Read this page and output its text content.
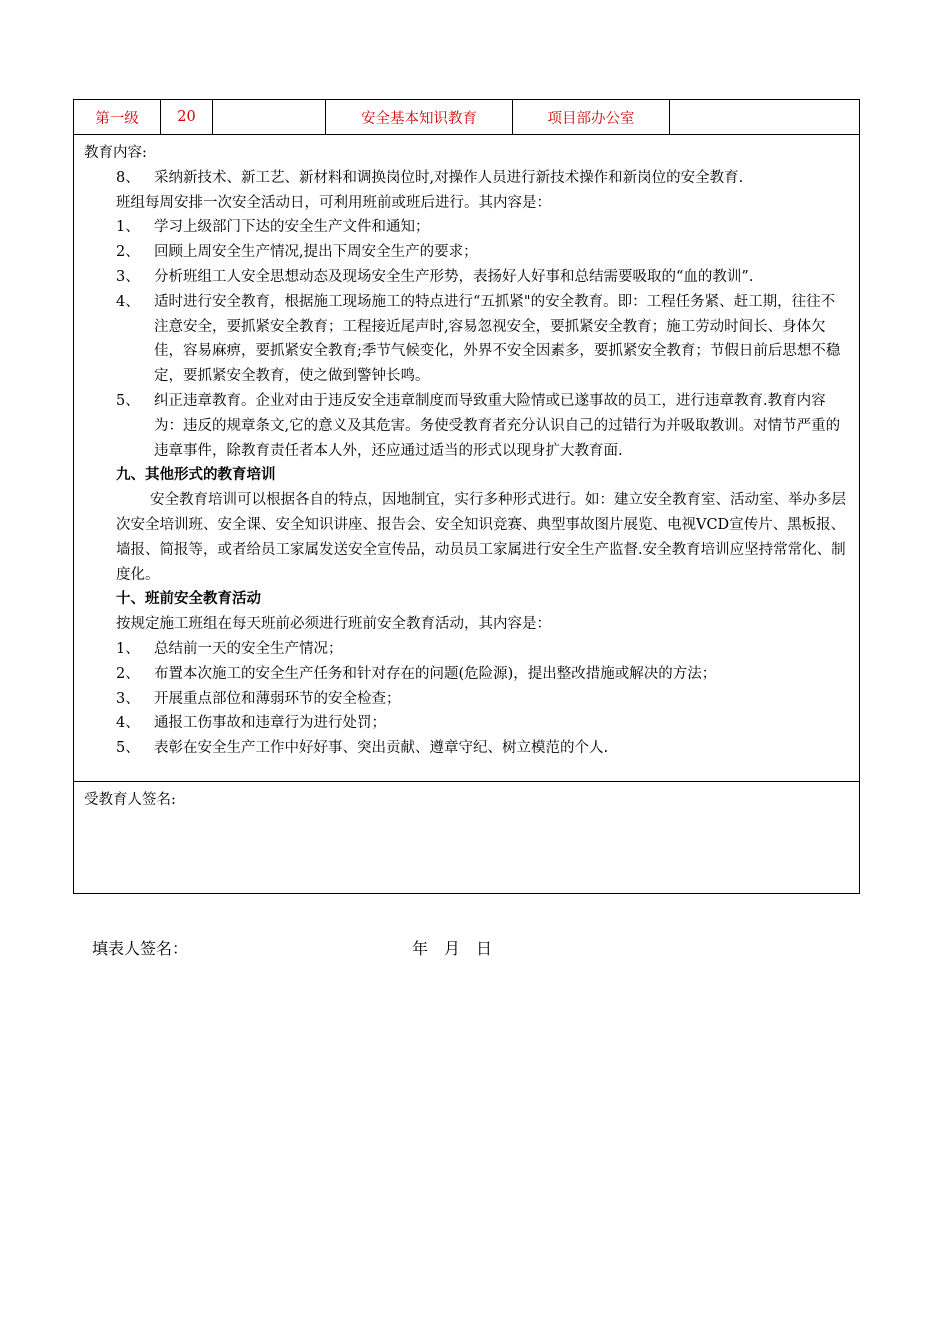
第一级	20		安全基本知识教育	项目部办公室	

教育内容:
8、 采纳新技术、新工艺、新材料和调换岗位时,对操作人员进行新技术操作和新岗位的安全教育.
班组每周安排一次安全活动日，可利用班前或班后进行。其内容是：
1、 学习上级部门下达的安全生产文件和通知；
2、 回顾上周安全生产情况,提出下周安全生产的要求；
3、 分析班组工人安全思想动态及现场安全生产形势，表扬好人好事和总结需要吸取的“血的教训”.
4、 适时进行安全教育，根据施工现场施工的特点进行“五抓紧"的安全教育。即：工程任务紧、赶工期，往往不注意安全，要抓紧安全教育；工程接近尾声时,容易忽视安全，要抓紧安全教育；施工劳动时间长、身体欠佳，容易麻痹，要抓紧安全教育;季节气候变化，外界不安全因素多，要抓紧安全教育；节假日前后思想不稳定，要抓紧安全教育，使之做到警钟长鸣。
5、 纠正违章教育。企业对由于违反安全违章制度而导致重大险情或已遂事故的员工，进行违章教育.教育内容为：违反的规章条文,它的意义及其危害。务使受教育者充分认识自己的过错行为并吸取教训。对情节严重的违章事件，除教育责任者本人外，还应通过适当的形式以现身扩大教育面.
九、其他形式的教育培训
安全教育培训可以根据各自的特点，因地制宜，实行多种形式进行。如：建立安全教育室、活动室、举办多层次安全培训班、安全课、安全知识讲座、报告会、安全知识竞赛、典型事故图片展览、电视VCD宣传片、黑板报、墙报、简报等，或者给员工家属发送安全宣传品，动员员工家属进行安全生产监督.安全教育培训应坚持常常化、制度化。
十、班前安全教育活动
按规定施工班组在每天班前必须进行班前安全教育活动，其内容是：
1、 总结前一天的安全生产情况；
2、 布置本次施工的安全生产任务和针对存在的问题(危险源)，提出整改措施或解决的方法；
3、 开展重点部位和薄弱环节的安全检查；
4、 通报工伤事故和违章行为进行处罚；
5、 表彰在安全生产工作中好好事、突出贡献、遵章守纪、树立模范的个人.

受教育人签名:
填表人签名：	年　月　日
